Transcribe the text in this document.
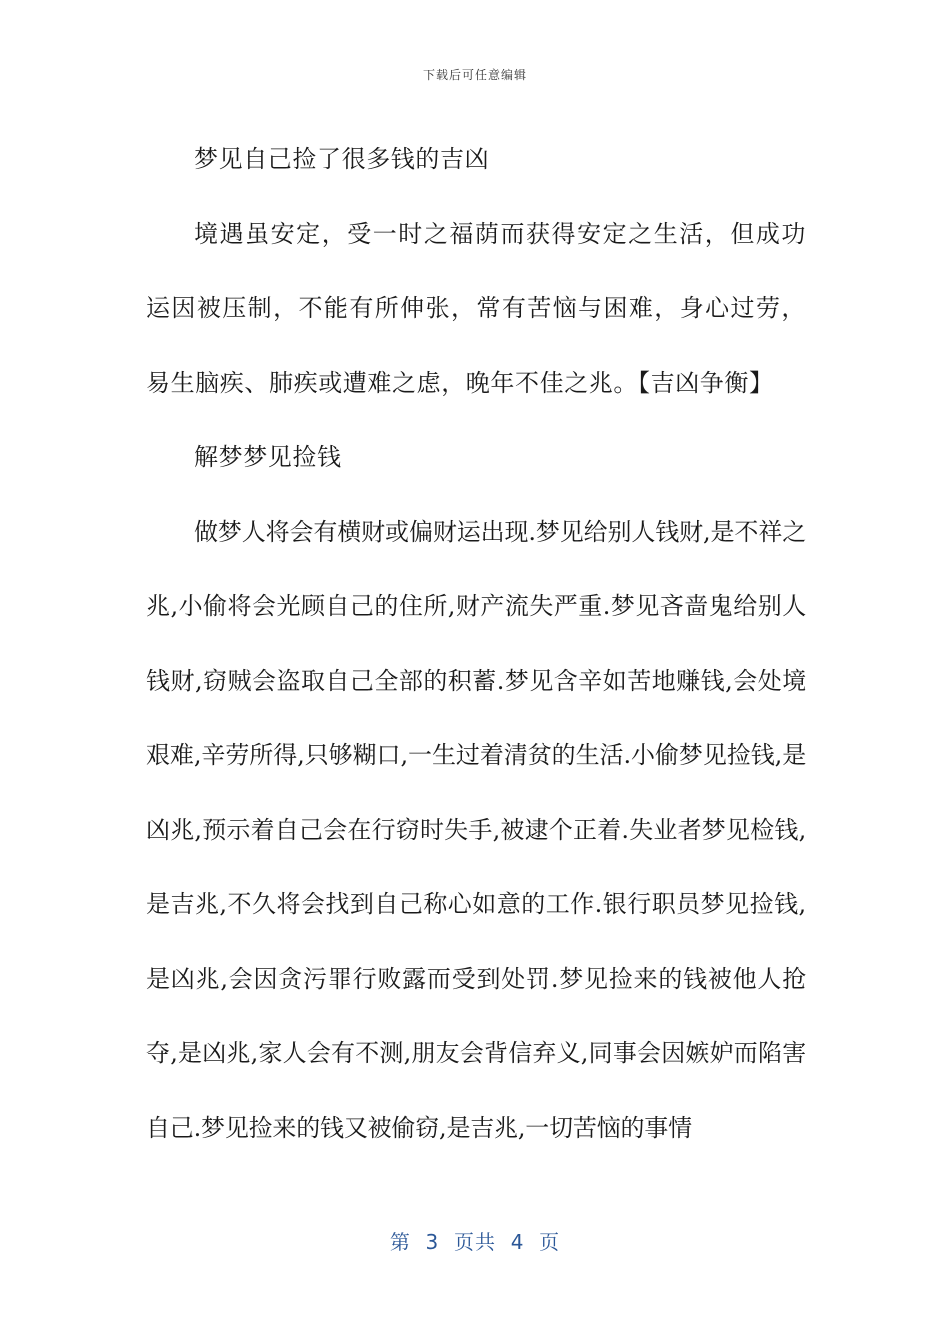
下载后可任意编辑

梦见自己捡了很多钱的吉凶

境遇虽安定，受一时之福荫而获得安定之生活，但成功运因被压制，不能有所伸张，常有苦恼与困难，身心过劳，易生脑疾、肺疾或遭难之虑，晚年不佳之兆。【吉凶争衡】

解梦梦见捡钱

做梦人将会有横财或偏财运出现.梦见给别人钱财,是不祥之兆,小偷将会光顾自己的住所,财产流失严重.梦见吝啬鬼给别人钱财,窃贼会盗取自己全部的积蓄.梦见含辛如苦地赚钱,会处境艰难,辛劳所得,只够糊口,一生过着清贫的生活.小偷梦见捡钱,是凶兆,预示着自己会在行窃时失手,被逮个正着.失业者梦见检钱,是吉兆,不久将会找到自己称心如意的工作.银行职员梦见捡钱,是凶兆,会因贪污罪行败露而受到处罚.梦见捡来的钱被他人抢夺,是凶兆,家人会有不测,朋友会背信弃义,同事会因嫉妒而陷害自己.梦见捡来的钱又被偷窃,是吉兆,一切苦恼的事情

第  3  页共  4  页
